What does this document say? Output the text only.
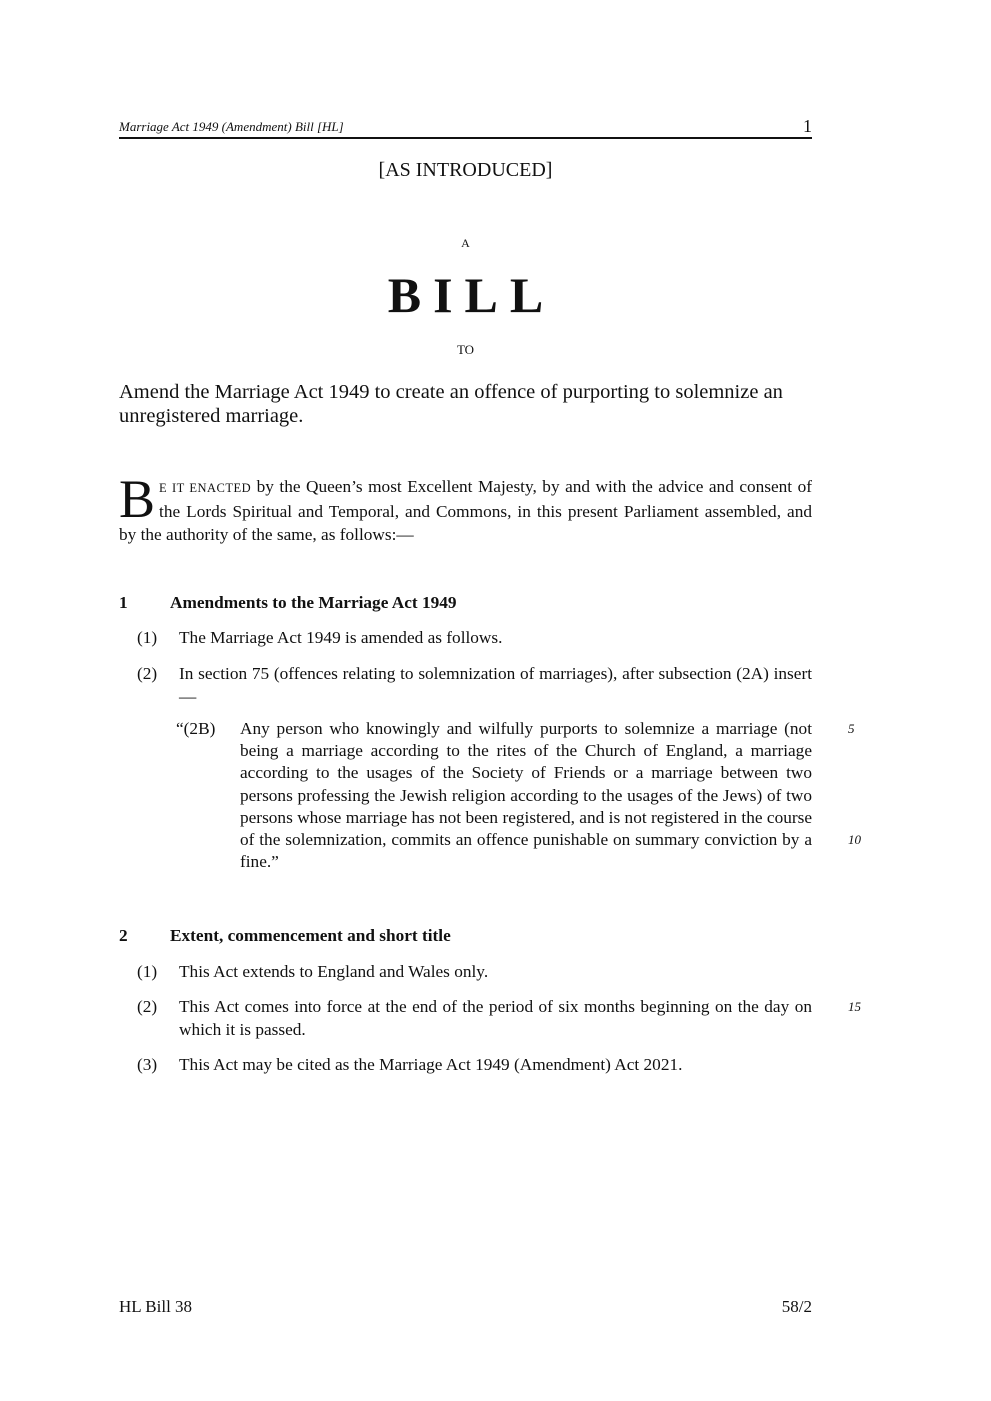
Marriage Act 1949 (Amendment) Bill [HL]	1
[AS INTRODUCED]
A
BILL
TO
Amend the Marriage Act 1949 to create an offence of purporting to solemnize an unregistered marriage.
B E IT ENACTED by the Queen’s most Excellent Majesty, by and with the advice and consent of the Lords Spiritual and Temporal, and Commons, in this present Parliament assembled, and by the authority of the same, as follows:—
1 Amendments to the Marriage Act 1949
(1) The Marriage Act 1949 is amended as follows.
(2) In section 75 (offences relating to solemnization of marriages), after subsection (2A) insert —
“(2B) Any person who knowingly and wilfully purports to solemnize a marriage (not being a marriage according to the rites of the Church of England, a marriage according to the usages of the Society of Friends or a marriage between two persons professing the Jewish religion according to the usages of the Jews) of two persons whose marriage has not been registered, and is not registered in the course of the solemnization, commits an offence punishable on summary conviction by a fine.”
2 Extent, commencement and short title
(1) This Act extends to England and Wales only.
(2) This Act comes into force at the end of the period of six months beginning on the day on which it is passed.
(3) This Act may be cited as the Marriage Act 1949 (Amendment) Act 2021.
5
10
15
HL Bill 38	58/2
